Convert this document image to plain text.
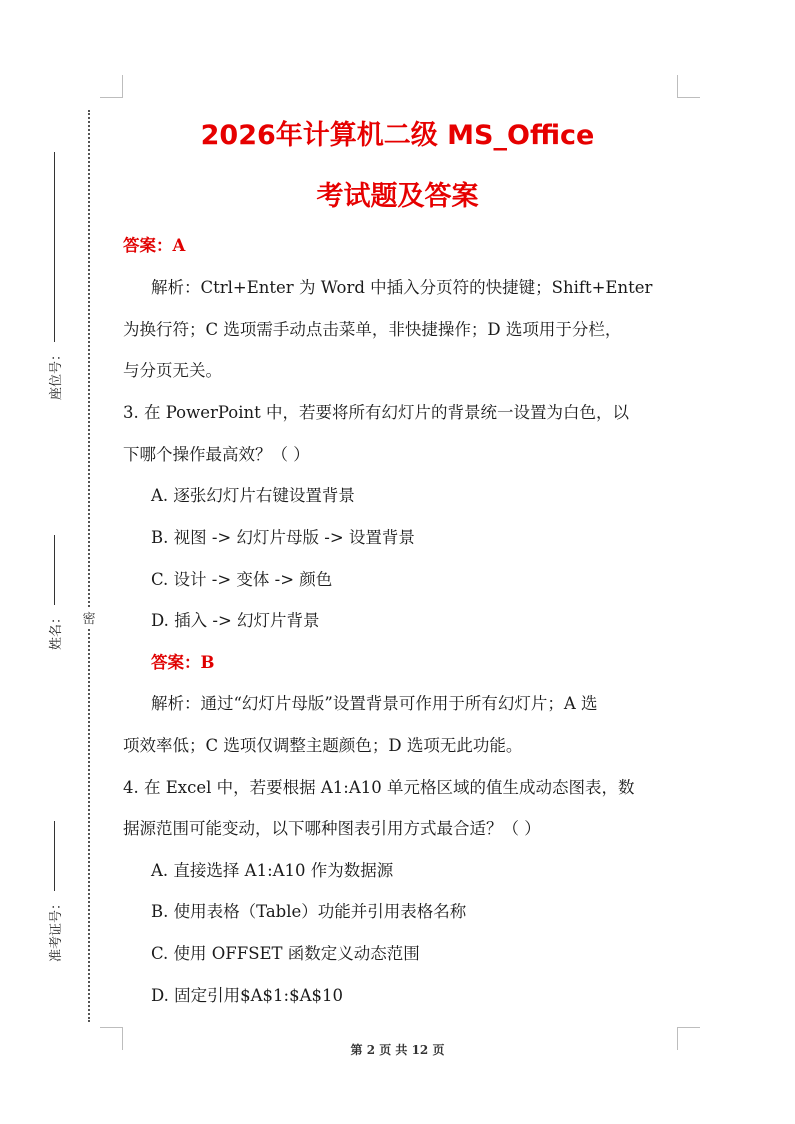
密
座位号：
姓名：
准考证号：
2026年计算机二级 MS_Office
考试题及答案
答案：A
解析：Ctrl+Enter 为 Word 中插入分页符的快捷键；Shift+Enter
为换行符；C 选项需手动点击菜单，非快捷操作；D 选项用于分栏，
与分页无关。
3. 在 PowerPoint 中，若要将所有幻灯片的背景统一设置为白色，以
下哪个操作最高效？（ ）
A. 逐张幻灯片右键设置背景
B. 视图 -> 幻灯片母版 -> 设置背景
C. 设计 -> 变体 -> 颜色
D. 插入 -> 幻灯片背景
答案：B
解析：通过“幻灯片母版”设置背景可作用于所有幻灯片；A 选
项效率低；C 选项仅调整主题颜色；D 选项无此功能。
4. 在 Excel 中，若要根据 A1:A10 单元格区域的值生成动态图表，数
据源范围可能变动，以下哪种图表引用方式最合适？（ ）
A. 直接选择 A1:A10 作为数据源
B. 使用表格（Table）功能并引用表格名称
C. 使用 OFFSET 函数定义动态范围
D. 固定引用$A$1:$A$10
第 2 页 共 12 页
